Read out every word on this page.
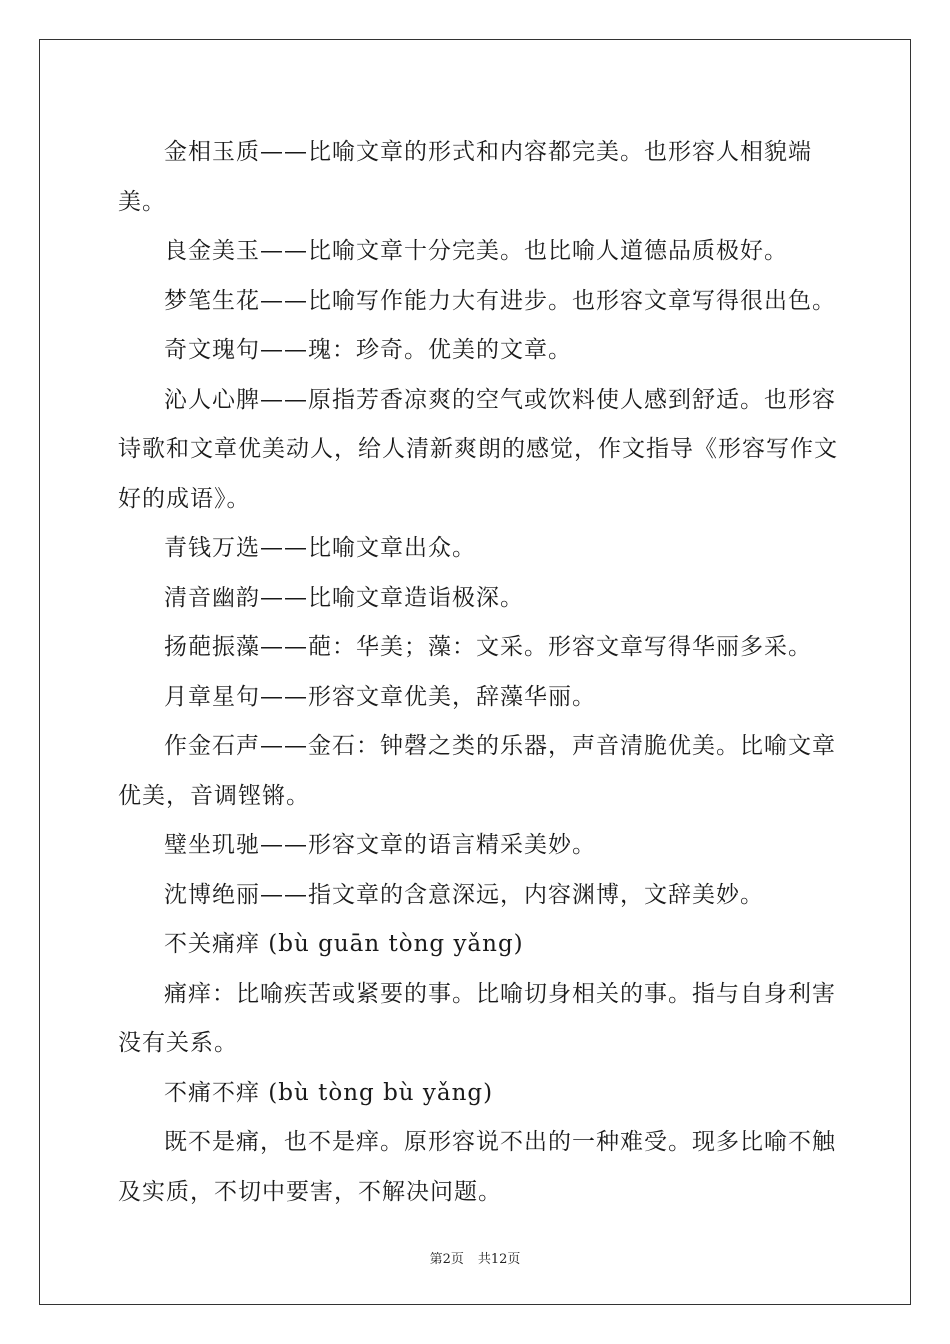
金相玉质——比喻文章的形式和内容都完美。也形容人相貌端美。

良金美玉——比喻文章十分完美。也比喻人道德品质极好。

梦笔生花——比喻写作能力大有进步。也形容文章写得很出色。

奇文瑰句——瑰：珍奇。优美的文章。

沁人心脾——原指芳香凉爽的空气或饮料使人感到舒适。也形容诗歌和文章优美动人，给人清新爽朗的感觉，作文指导《形容写作文好的成语》。

青钱万选——比喻文章出众。

清音幽韵——比喻文章造诣极深。

扬葩振藻——葩：华美；藻：文采。形容文章写得华丽多采。

月章星句——形容文章优美，辞藻华丽。

作金石声——金石：钟磬之类的乐器，声音清脆优美。比喻文章优美，音调铿锵。

璧坐玑驰——形容文章的语言精采美妙。

沈博绝丽——指文章的含意深远，内容渊博，文辞美妙。

不关痛痒 (bù guān tòng yǎng)

痛痒：比喻疾苦或紧要的事。比喻切身相关的事。指与自身利害没有关系。

不痛不痒 (bù tòng bù yǎng)

既不是痛，也不是痒。原形容说不出的一种难受。现多比喻不触及实质，不切中要害，不解决问题。

第2页 共12页
